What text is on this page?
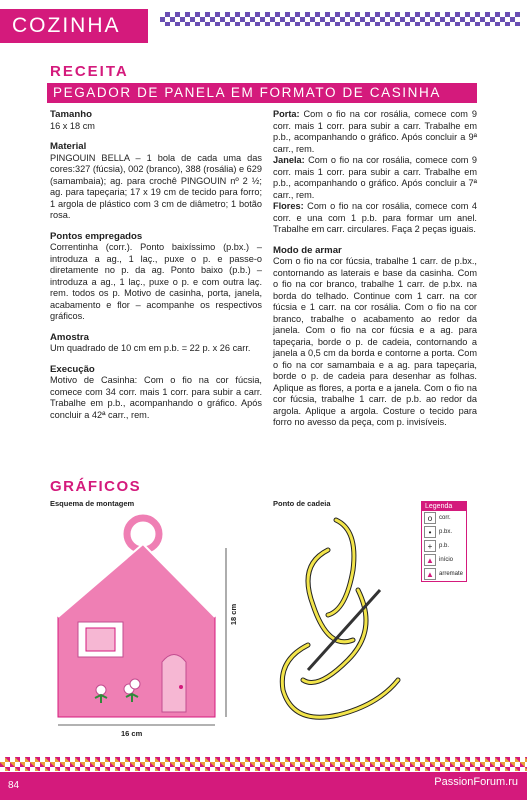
COZINHA
RECEITA
PEGADOR DE PANELA EM FORMATO DE CASINHA
Tamanho

16 x 18 cm

Material

PINGOUIN BELLA – 1 bola de cada uma das cores:327 (fúcsia), 002 (branco), 388 (rosália) e 629 (samambaia); ag. para crochê PINGOUIN nº 2 ½; ag. para tapeçaria; 17 x 19 cm de tecido para forro; 1 argola de plástico com 3 cm de diâmetro; 1 botão rosa.

Pontos empregados

Correntinha (corr.). Ponto baixíssimo (p.bx.) – introduza a ag., 1 laç., puxe o p. e passe-o diretamente no p. da ag. Ponto baixo (p.b.) – introduza a ag., 1 laç., puxe o p. e com outra laç. rem. todos os p. Motivo de casinha, porta, janela, acabamento e flor – acompanhe os respectivos gráficos.

Amostra

Um quadrado de 10 cm em p.b. = 22 p. x 26 carr.

Execução

Motivo de Casinha: Com o fio na cor fúcsia, comece com 34 corr. mais 1 corr. para subir a carr. Trabalhe em p.b., acompanhando o gráfico. Após concluir a 42ª carr., rem.

Porta: Com o fio na cor rosália, comece com 9 corr. mais 1 corr. para subir a carr. Trabalhe em p.b., acompanhando o gráfico. Após concluir a 9ª carr., rem.

Janela: Com o fio na cor rosália, comece com 9 corr. mais 1 corr. para subir a carr. Trabalhe em p.b., acompanhando o gráfico. Após concluir a 7ª carr., rem.

Flores: Com o fio na cor rosália, comece com 4 corr. e una com 1 p.b. para formar um anel. Trabalhe em carr. circulares. Faça 2 peças iguais.

Modo de armar

Com o fio na cor fúcsia, trabalhe 1 carr. de p.bx., contornando as laterais e base da casinha. Com o fio na cor branco, trabalhe 1 carr. de p.bx. na borda do telhado. Continue com 1 carr. na cor fúcsia e 1 carr. na cor rosália. Com o fio na cor branco, trabalhe o acabamento ao redor da janela. Com o fio na cor fúcsia e a ag. para tapeçaria, borde o p. de cadeia, contornando a janela a 0,5 cm da borda e contorne a porta. Com o fio na cor samambaia e a ag. para tapeçaria, borde o p. de cadeia para desenhar as folhas. Aplique as flores, a porta e a janela. Com o fio na cor fúcsia, trabalhe 1 carr. de p.b. ao redor da argola. Aplique a argola. Costure o tecido para forro no avesso da peça, com p. invisíveis.

GRÁFICOS
Esquema de montagem	Ponto de cadeia
16 cm
18 cm
Legenda
o	corr.
•	p.bx.
+	p.b.
▲ início
▲ arremate
84	PassionForum.ru
